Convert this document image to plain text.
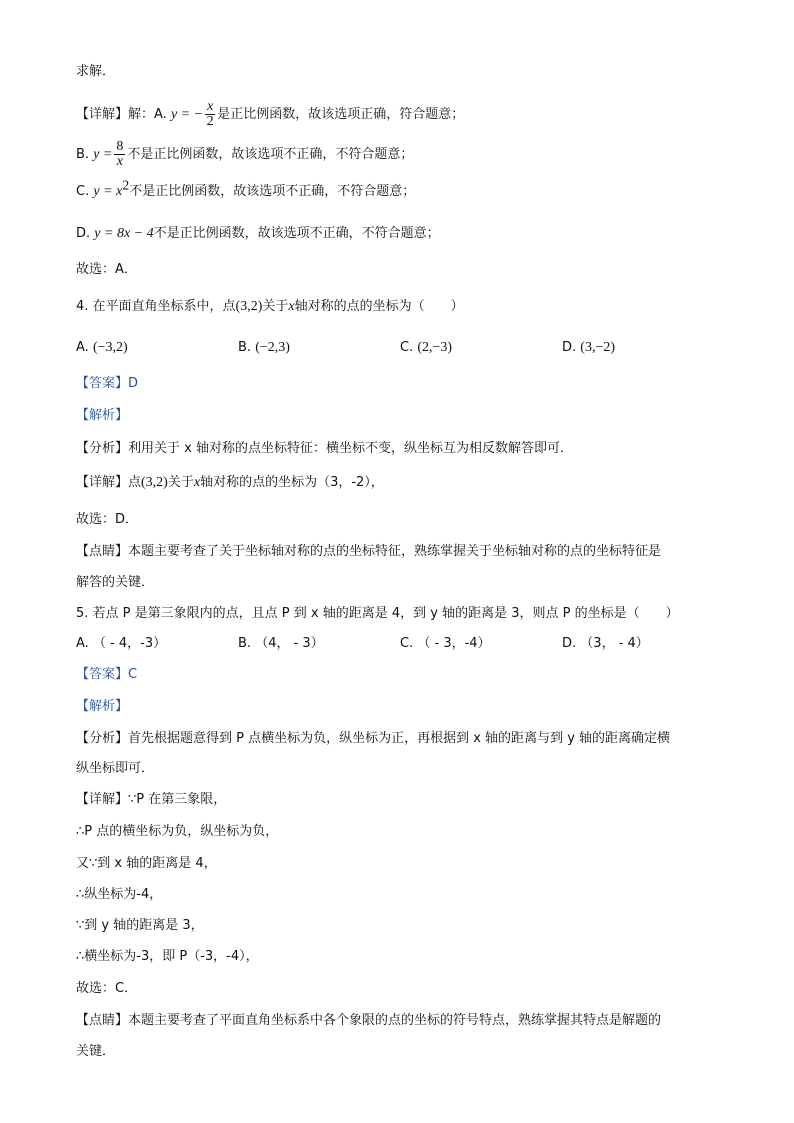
求解．
【详解】解：A. y = − $\frac{x}{2}$ 是正比例函数，故该选项正确，符合题意；
B. $y = \frac{8}{x}$ 不是正比例函数，故该选项不正确，不符合题意；
C. $y = x^2$不是正比例函数，故该选项不正确，不符合题意；
D. y = 8x − 4不是正比例函数，故该选项不正确，不符合题意；
故选：A．
4. 在平面直角坐标系中，点(3,2)关于x轴对称的点的坐标为（　　）
A. (−3,2)	B. (−2,3)	C. (2,−3)	D. (3,−2)
【答案】D
【解析】
【分析】利用关于 x 轴对称的点坐标特征：横坐标不变，纵坐标互为相反数解答即可．
【详解】点(3,2)关于x轴对称的点的坐标为（3，-2），
故选：D．
【点睛】本题主要考查了关于坐标轴对称的点的坐标特征，熟练掌握关于坐标轴对称的点的坐标特征是
解答的关键．
5. 若点 P 是第三象限内的点，且点 P 到 x 轴的距离是 4，到 y 轴的距离是 3，则点 P 的坐标是（　　）
A. （ - 4，-3）	B. （4， - 3）	C. （ - 3，-4）	D. （3， - 4）
【答案】C
【解析】
【分析】首先根据题意得到 P 点横坐标为负，纵坐标为正，再根据到 x 轴的距离与到 y 轴的距离确定横
纵坐标即可．
【详解】∵P 在第三象限，
∴P 点的横坐标为负，纵坐标为负，
又∵到 x 轴的距离是 4，
∴纵坐标为-4，
∵到 y 轴的距离是 3，
∴横坐标为-3，即 P（-3，-4），
故选：C．
【点睛】本题主要考查了平面直角坐标系中各个象限的点的坐标的符号特点，熟练掌握其特点是解题的
关键．
